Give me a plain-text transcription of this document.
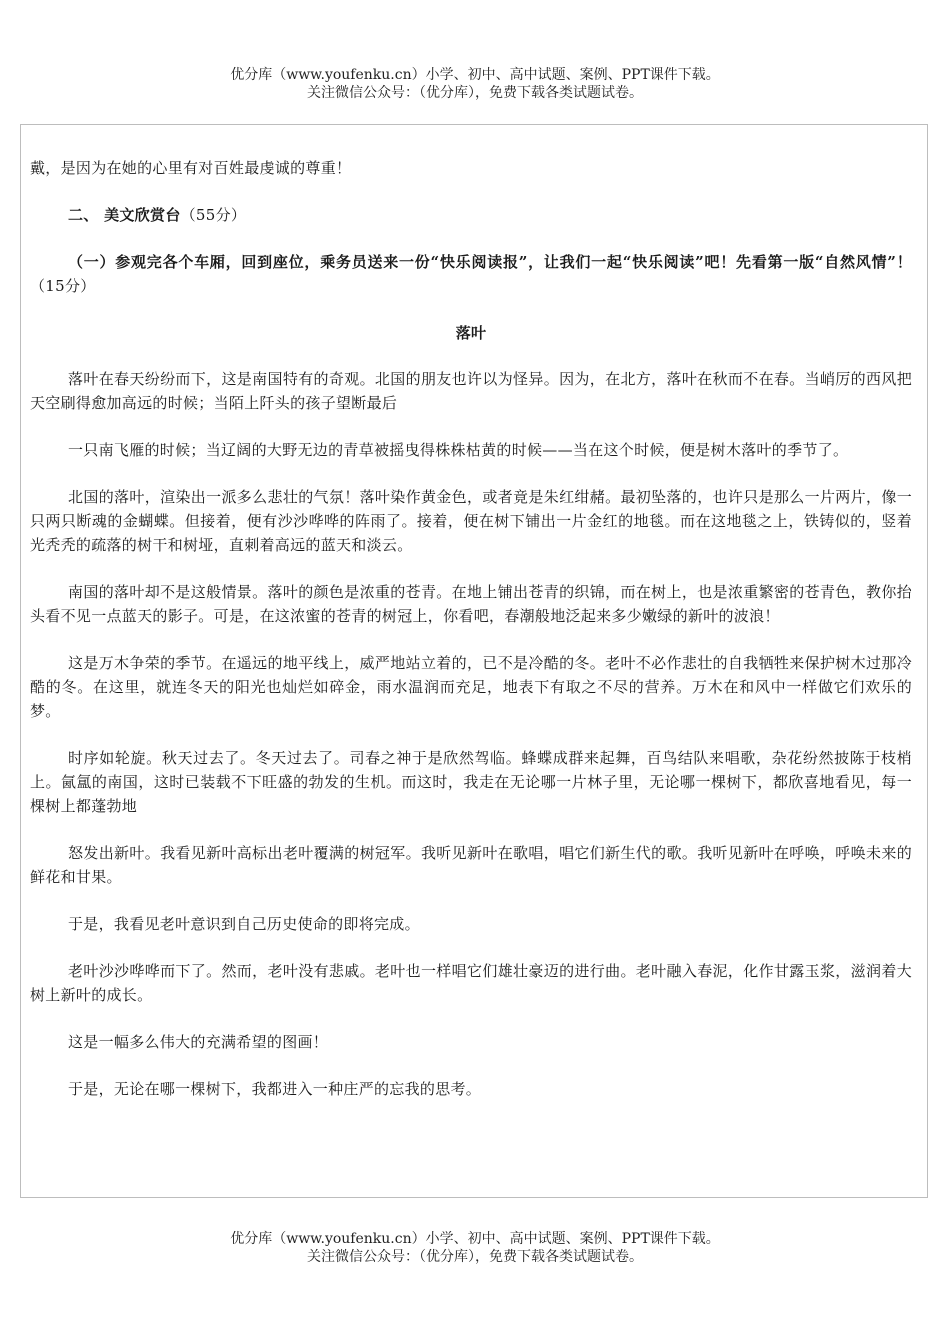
优分库（www.youfenku.cn）小学、初中、高中试题、案例、PPT课件下载。
关注微信公众号：（优分库），免费下载各类试题试卷。

戴，是因为在她的心里有对百姓最虔诚的尊重！

二、 美文欣赏台（55分）

（一）参观完各个车厢，回到座位，乘务员送来一份“快乐阅读报”，让我们一起“快乐阅读”吧！先看第一版“自然风情”！（15分）

落叶

落叶在春天纷纷而下，这是南国特有的奇观。北国的朋友也许以为怪异。因为，在北方，落叶在秋而不在春。当峭厉的西风把天空刷得愈加高远的时候；当陌上阡头的孩子望断最后

一只南飞雁的时候；当辽阔的大野无边的青草被摇曳得株株枯黄的时候——当在这个时候，便是树木落叶的季节了。

北国的落叶，渲染出一派多么悲壮的气氛！落叶染作黄金色，或者竟是朱红绀赭。最初坠落的，也许只是那么一片两片，像一只两只断魂的金蝴蝶。但接着，便有沙沙哗哗的阵雨了。接着，便在树下铺出一片金红的地毯。而在这地毯之上，铁铸似的，竖着光秃秃的疏落的树干和树垭，直刺着高远的蓝天和淡云。

南国的落叶却不是这般情景。落叶的颜色是浓重的苍青。在地上铺出苍青的织锦，而在树上，也是浓重繁密的苍青色，教你抬头看不见一点蓝天的影子。可是，在这浓蜜的苍青的树冠上，你看吧，春潮般地泛起来多少嫩绿的新叶的波浪！

这是万木争荣的季节。在遥远的地平线上，威严地站立着的，已不是冷酷的冬。老叶不必作悲壮的自我牺牲来保护树木过那冷酷的冬。在这里，就连冬天的阳光也灿烂如碎金，雨水温润而充足，地表下有取之不尽的营养。万木在和风中一样做它们欢乐的梦。

时序如轮旋。秋天过去了。冬天过去了。司春之神于是欣然驾临。蜂蝶成群来起舞，百鸟结队来唱歌，杂花纷然披陈于枝梢上。氤氲的南国，这时已装载不下旺盛的勃发的生机。而这时，我走在无论哪一片林子里，无论哪一棵树下，都欣喜地看见，每一棵树上都蓬勃地

怒发出新叶。我看见新叶高标出老叶覆满的树冠军。我听见新叶在歌唱，唱它们新生代的歌。我听见新叶在呼唤，呼唤未来的鲜花和甘果。

于是，我看见老叶意识到自己历史使命的即将完成。

老叶沙沙哗哗而下了。然而，老叶没有悲戚。老叶也一样唱它们雄壮豪迈的进行曲。老叶融入春泥，化作甘露玉浆，滋润着大树上新叶的成长。

这是一幅多么伟大的充满希望的图画！

于是，无论在哪一棵树下，我都进入一种庄严的忘我的思考。

优分库（www.youfenku.cn）小学、初中、高中试题、案例、PPT课件下载。
关注微信公众号：（优分库），免费下载各类试题试卷。
